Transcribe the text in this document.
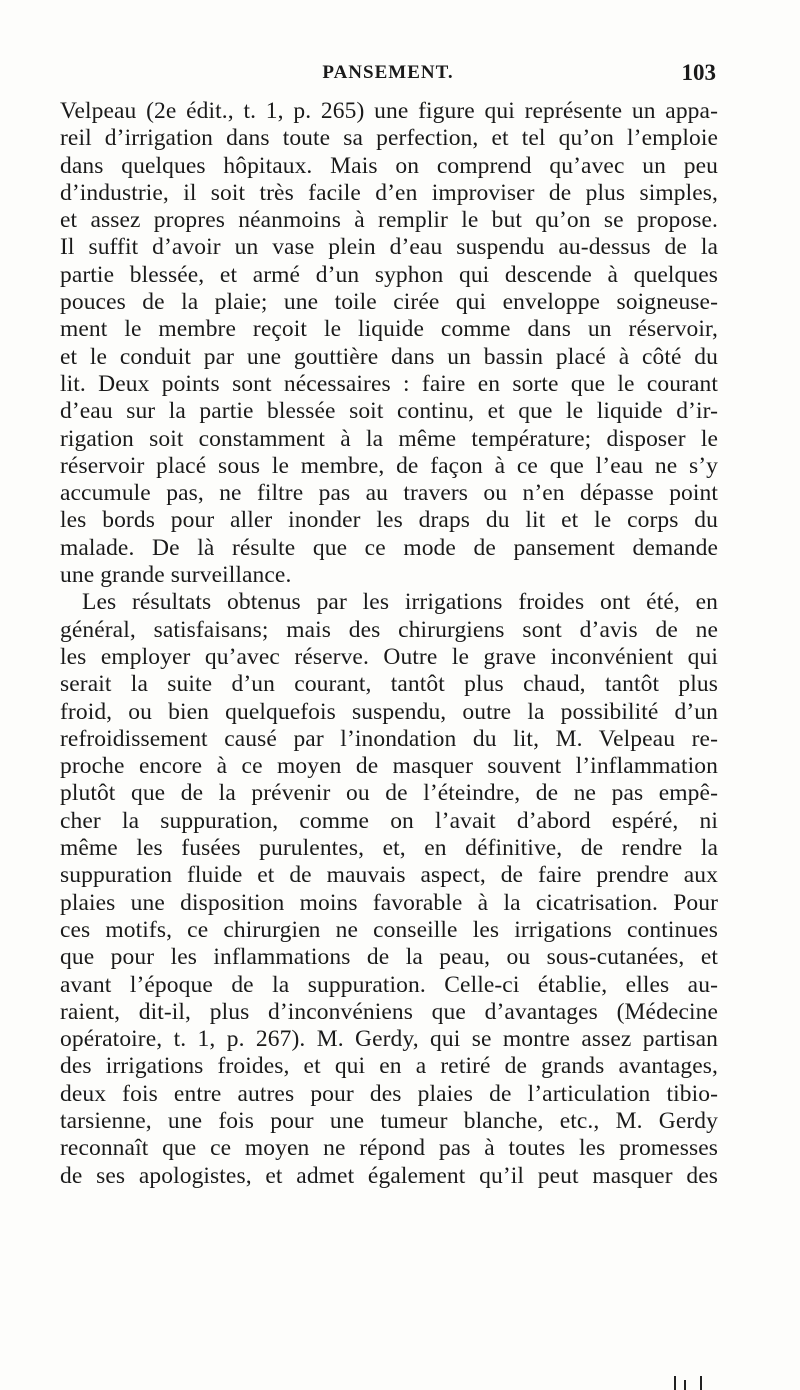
PANSEMENT.	103
Velpeau (2e édit., t. 1, p. 265) une figure qui représente un appa-
reil d’irrigation dans toute sa perfection, et tel qu’on l’emploie
dans quelques hôpitaux. Mais on comprend qu’avec un peu
d’industrie, il soit très facile d’en improviser de plus simples,
et assez propres néanmoins à remplir le but qu’on se propose.
Il suffit d’avoir un vase plein d’eau suspendu au-dessus de la
partie blessée, et armé d’un syphon qui descende à quelques
pouces de la plaie; une toile cirée qui enveloppe soigneuse-
ment le membre reçoit le liquide comme dans un réservoir,
et le conduit par une gouttière dans un bassin placé à côté du
lit. Deux points sont nécessaires : faire en sorte que le courant
d’eau sur la partie blessée soit continu, et que le liquide d’ir-
rigation soit constamment à la même température; disposer le
réservoir placé sous le membre, de façon à ce que l’eau ne s’y
accumule pas, ne filtre pas au travers ou n’en dépasse point
les bords pour aller inonder les draps du lit et le corps du
malade. De là résulte que ce mode de pansement demande
une grande surveillance.
Les résultats obtenus par les irrigations froides ont été, en
général, satisfaisans; mais des chirurgiens sont d’avis de ne
les employer qu’avec réserve. Outre le grave inconvénient qui
serait la suite d’un courant, tantôt plus chaud, tantôt plus
froid, ou bien quelquefois suspendu, outre la possibilité d’un
refroidissement causé par l’inondation du lit, M. Velpeau re-
proche encore à ce moyen de masquer souvent l’inflammation
plutôt que de la prévenir ou de l’éteindre, de ne pas empê-
cher la suppuration, comme on l’avait d’abord espéré, ni
même les fusées purulentes, et, en définitive, de rendre la
suppuration fluide et de mauvais aspect, de faire prendre aux
plaies une disposition moins favorable à la cicatrisation. Pour
ces motifs, ce chirurgien ne conseille les irrigations continues
que pour les inflammations de la peau, ou sous-cutanées, et
avant l’époque de la suppuration. Celle-ci établie, elles au-
raient, dit-il, plus d’inconvéniens que d’avantages (Médecine
opératoire, t. 1, p. 267). M. Gerdy, qui se montre assez partisan
des irrigations froides, et qui en a retiré de grands avantages,
deux fois entre autres pour des plaies de l’articulation tibio-
tarsienne, une fois pour une tumeur blanche, etc., M. Gerdy
reconnaît que ce moyen ne répond pas à toutes les promesses
de ses apologistes, et admet également qu’il peut masquer des
